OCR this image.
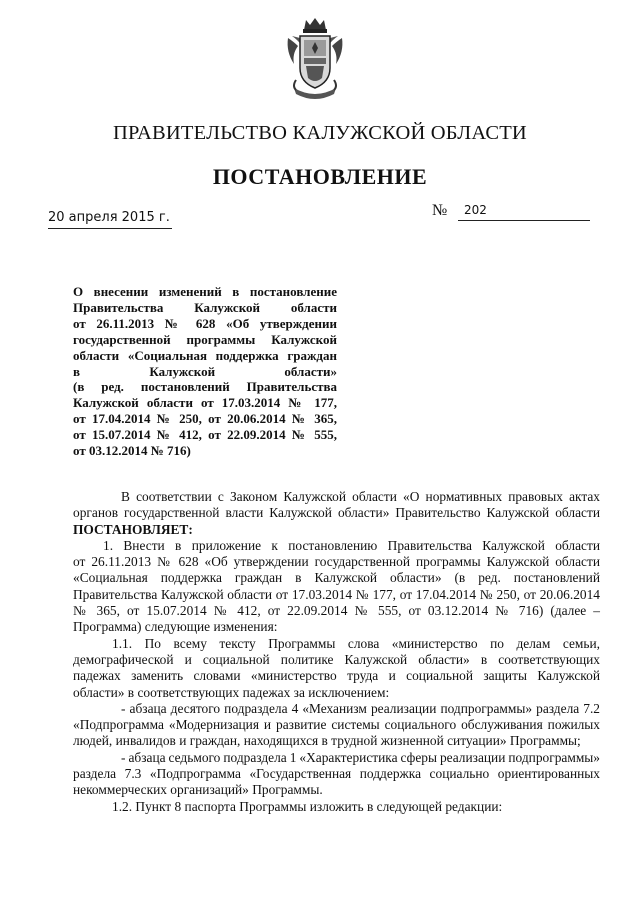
ПРАВИТЕЛЬСТВО КАЛУЖСКОЙ ОБЛАСТИ
ПОСТАНОВЛЕНИЕ
20 апреля 2015 г.	№ 202
О внесении изменений в постановление
Правительства Калужской области
от 26.11.2013 № 628 «Об утверждении
государственной программы Калужской
области «Социальная поддержка граждан
в Калужской области»
(в ред. постановлений Правительства
Калужской области от 17.03.2014 № 177,
от 17.04.2014 № 250, от 20.06.2014 № 365,
от 15.07.2014 № 412, от 22.09.2014 № 555,
от 03.12.2014 № 716)
В соответствии с Законом Калужской области «О нормативных правовых актах
органов государственной власти Калужской области» Правительство Калужской области
ПОСТАНОВЛЯЕТ:
1. Внести в приложение к постановлению Правительства Калужской области
от 26.11.2013 № 628 «Об утверждении государственной программы Калужской области
«Социальная поддержка граждан в Калужской области» (в ред. постановлений
Правительства Калужской области от 17.03.2014 № 177, от 17.04.2014 № 250, от 20.06.2014
№ 365, от 15.07.2014 № 412, от 22.09.2014 № 555, от 03.12.2014 № 716) (далее –
Программа) следующие изменения:
1.1. По всему тексту Программы слова «министерство по делам семьи,
демографической и социальной политике Калужской области» в соответствующих
падежах заменить словами «министерство труда и социальной защиты Калужской
области» в соответствующих падежах за исключением:
- абзаца десятого подраздела 4 «Механизм реализации подпрограммы» раздела 7.2
«Подпрограмма «Модернизация и развитие системы социального обслуживания пожилых
людей, инвалидов и граждан, находящихся в трудной жизненной ситуации» Программы;
- абзаца седьмого подраздела 1 «Характеристика сферы реализации подпрограммы»
раздела 7.3 «Подпрограмма «Государственная поддержка социально ориентированных
некоммерческих организаций» Программы.
1.2. Пункт 8 паспорта Программы изложить в следующей редакции:
